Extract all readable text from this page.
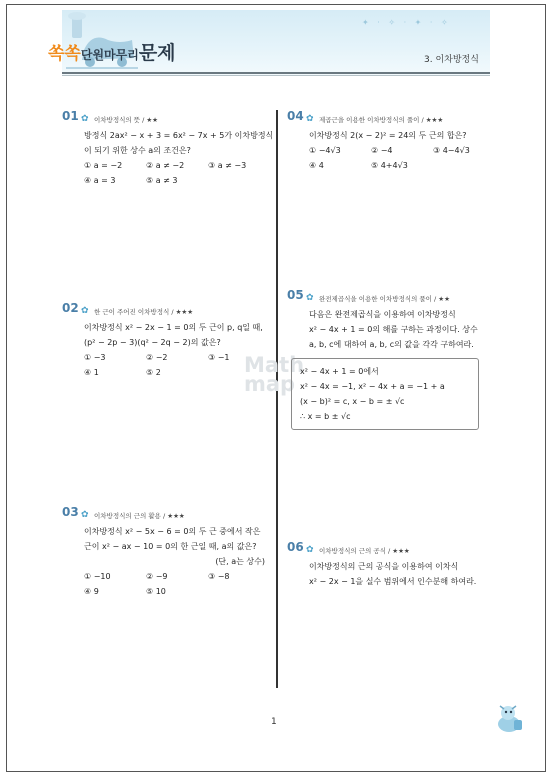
✦ · ✧ · ✦ · ✧
쏙쏙단원마무리문제	3. 이차방정식
Math
map
01 ✿ 이차방정식의 뜻 / ★★
방정식 2ax² − x + 3 = 6x² − 7x + 5가 이차방정식
이 되기 위한 상수 a의 조건은?
① a = −2	② a ≠ −2	③ a ≠ −3
④ a = 3	⑤ a ≠ 3
02 ✿ 한 근이 주어진 이차방정식 / ★★★
이차방정식 x² − 2x − 1 = 0의 두 근이 p, q일 때,
(p² − 2p − 3)(q² − 2q − 2)의 값은?
① −3	② −2	③ −1
④ 1	⑤ 2
03 ✿ 이차방정식의 근의 활용 / ★★★
이차방정식 x² − 5x − 6 = 0의 두 근 중에서 작은
근이 x² − ax − 10 = 0의 한 근일 때, a의 값은?
(단, a는 상수)
① −10	② −9	③ −8
④ 9	⑤ 10
04 ✿ 제곱근을 이용한 이차방정식의 풀이 / ★★★
이차방정식 2(x − 2)² = 24의 두 근의 합은?
① −4√3	② −4	③ 4−4√3
④ 4	⑤ 4+4√3
05 ✿ 완전제곱식을 이용한 이차방정식의 풀이 / ★★
다음은 완전제곱식을 이용하여 이차방정식
x² − 4x + 1 = 0의 해를 구하는 과정이다. 상수
a, b, c에 대하여 a, b, c의 값을 각각 구하여라.
x² − 4x + 1 = 0에서
x² − 4x = −1, x² − 4x + a = −1 + a
(x − b)² = c, x − b = ± √c
∴ x = b ± √c
06 ✿ 이차방정식의 근의 공식 / ★★★
이차방정식의 근의 공식을 이용하여 이차식
x² − 2x − 1을 실수 범위에서 인수분해 하여라.
1
